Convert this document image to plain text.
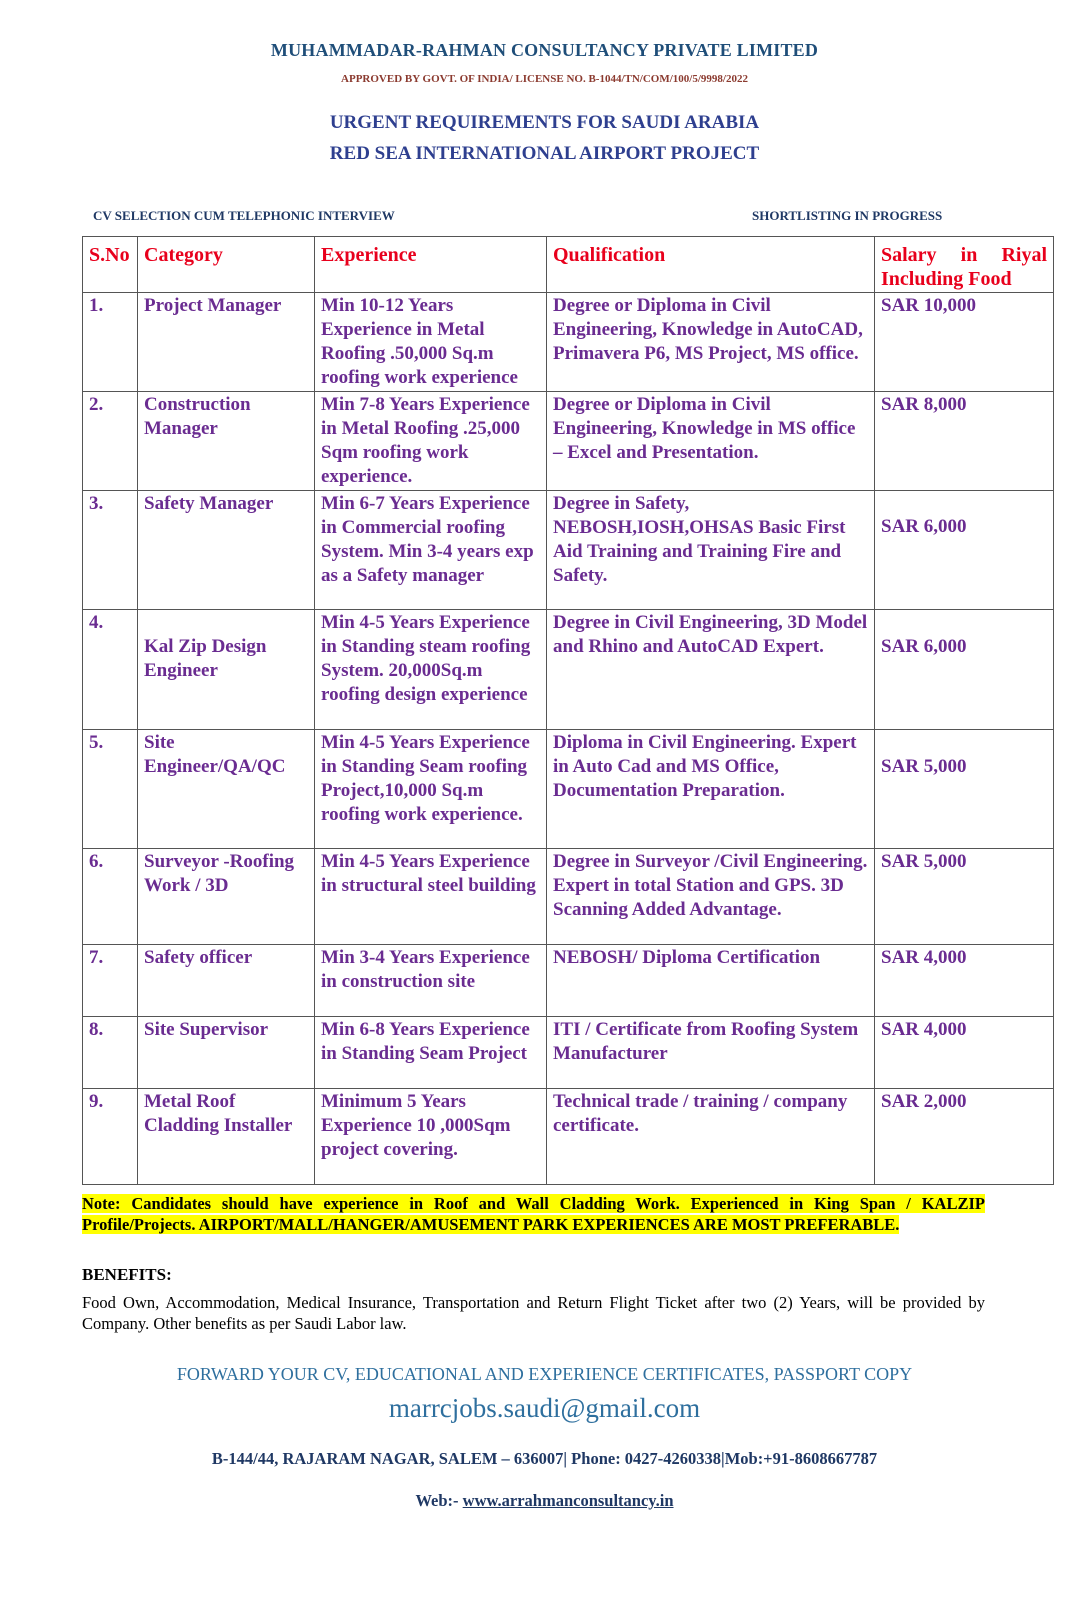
MUHAMMADAR-RAHMAN CONSULTANCY PRIVATE LIMITED
APPROVED BY GOVT. OF INDIA/ LICENSE NO. B-1044/TN/COM/100/5/9998/2022
URGENT REQUIREMENTS FOR SAUDI ARABIA
RED SEA INTERNATIONAL AIRPORT PROJECT
CV SELECTION CUM TELEPHONIC INTERVIEW	SHORTLISTING IN PROGRESS
S.No	Category	Experience	Qualification	Salary in Riyal Including Food
1.	Project Manager	Min 10-12 Years Experience in Metal Roofing .50,000 Sq.m roofing work experience	Degree or Diploma in Civil Engineering, Knowledge in AutoCAD, Primavera P6, MS Project, MS office.	SAR 10,000
2.	Construction Manager	Min 7-8 Years Experience in Metal Roofing .25,000 Sqm roofing work experience.	Degree or Diploma in Civil Engineering, Knowledge in MS office – Excel and Presentation.	SAR 8,000
3.	Safety Manager	Min 6-7 Years Experience in Commercial roofing System. Min 3-4 years exp as a Safety manager	Degree in Safety, NEBOSH,IOSH,OHSAS Basic First Aid Training and Training Fire and Safety.	SAR 6,000
4.	Kal Zip Design Engineer	Min 4-5 Years Experience in Standing steam roofing System. 20,000Sq.m roofing design experience	Degree in Civil Engineering, 3D Model and Rhino and AutoCAD Expert.	SAR 6,000
5.	Site Engineer/QA/QC	Min 4-5 Years Experience in Standing Seam roofing Project,10,000 Sq.m roofing work experience.	Diploma in Civil Engineering. Expert in Auto Cad and MS Office, Documentation Preparation.	SAR 5,000
6.	Surveyor -Roofing Work / 3D	Min 4-5 Years Experience in structural steel building	Degree in Surveyor /Civil Engineering. Expert in total Station and GPS. 3D Scanning Added Advantage.	SAR 5,000
7.	Safety officer	Min 3-4 Years Experience in construction site	NEBOSH/ Diploma Certification	SAR 4,000
8.	Site Supervisor	Min 6-8 Years Experience in Standing Seam Project	ITI / Certificate from Roofing System Manufacturer	SAR 4,000
9.	Metal Roof Cladding Installer	Minimum 5 Years Experience 10 ,000Sqm project covering.	Technical trade / training / company certificate.	SAR 2,000
Note: Candidates should have experience in Roof and Wall Cladding Work. Experienced in King Span / KALZIP Profile/Projects. AIRPORT/MALL/HANGER/AMUSEMENT PARK EXPERIENCES ARE MOST PREFERABLE.
BENEFITS:
Food Own, Accommodation, Medical Insurance, Transportation and Return Flight Ticket after two (2) Years, will be provided by Company. Other benefits as per Saudi Labor law.
FORWARD YOUR CV, EDUCATIONAL AND EXPERIENCE CERTIFICATES, PASSPORT COPY
marrcjobs.saudi@gmail.com
B-144/44, RAJARAM NAGAR, SALEM – 636007| Phone: 0427-4260338|Mob:+91-8608667787
Web:- www.arrahmanconsultancy.in
